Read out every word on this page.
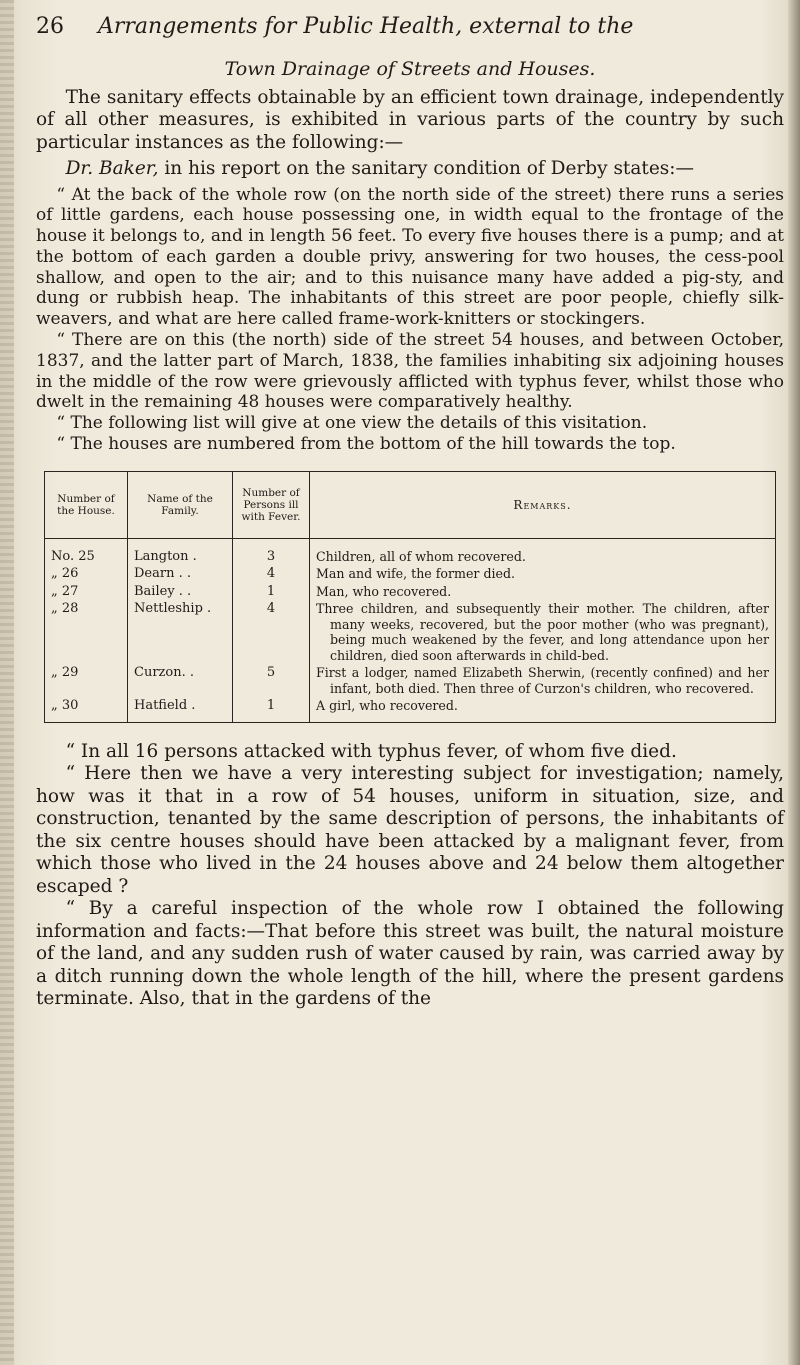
26 Arrangements for Public Health, external to the
Town Drainage of Streets and Houses.

The sanitary effects obtainable by an efficient town drainage, independently of all other measures, is exhibited in various parts of the country by such particular instances as the following:—

Dr. Baker, in his report on the sanitary condition of Derby states:—

“ At the back of the whole row (on the north side of the street) there runs a series of little gardens, each house possessing one, in width equal to the frontage of the house it belongs to, and in length 56 feet. To every five houses there is a pump; and at the bottom of each garden a double privy, answering for two houses, the cess-pool shallow, and open to the air; and to this nuisance many have added a pig-sty, and dung or rubbish heap. The inhabitants of this street are poor people, chiefly silk-weavers, and what are here called frame-work-knitters or stockingers.

“ There are on this (the north) side of the street 54 houses, and between October, 1837, and the latter part of March, 1838, the families inhabiting six adjoining houses in the middle of the row were grievously afflicted with typhus fever, whilst those who dwelt in the remaining 48 houses were comparatively healthy.

“ The following list will give at one view the details of this visitation.

“ The houses are numbered from the bottom of the hill towards the top.

Number of the House.	Name of the Family.	Number of Persons ill with Fever.	Remarks.
No. 25	Langton .	3	Children, all of whom recovered.

„ 26	Dearn . .	4	Man and wife, the former died.

„ 27	Bailey . .	1	Man, who recovered.

„ 28	Nettleship .	4	Three children, and subsequently their mother. The children, after many weeks, recovered, but the poor mother (who was pregnant), being much weakened by the fever, and long attendance upon her children, died soon afterwards in child-bed.

„ 29	Curzon. .	5	First a lodger, named Elizabeth Sherwin, (recently confined) and her infant, both died. Then three of Curzon's children, who recovered.

„ 30	Hatfield .	1	A girl, who recovered.

“ In all 16 persons attacked with typhus fever, of whom five died.

“ Here then we have a very interesting subject for investigation; namely, how was it that in a row of 54 houses, uniform in situation, size, and construction, tenanted by the same description of persons, the inhabitants of the six centre houses should have been attacked by a malignant fever, from which those who lived in the 24 houses above and 24 below them altogether escaped ?

“ By a careful inspection of the whole row I obtained the following information and facts:—That before this street was built, the natural moisture of the land, and any sudden rush of water caused by rain, was carried away by a ditch running down the whole length of the hill, where the present gardens terminate. Also, that in the gardens of the
